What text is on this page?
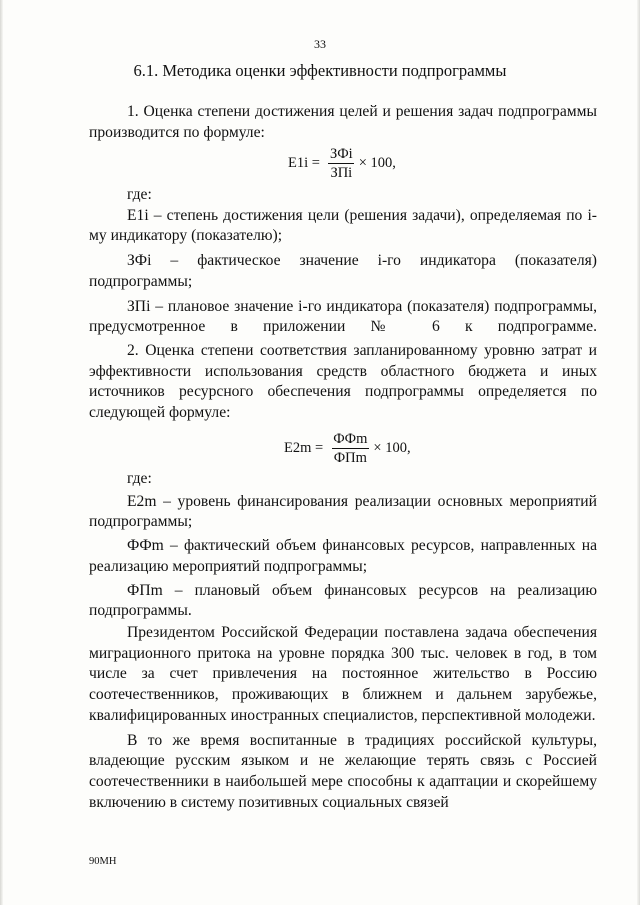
33
6.1. Методика оценки эффективности подпрограммы

1. Оценка степени достижения целей и решения задач подпрограммы производится по формуле:

$E1i = \frac{\text{ЗФi}}{\text{ЗПi}} \times 100$,

где:

E1i – степень достижения цели (решения задачи), определяемая по i-му индикатору (показателю);

ЗФi – фактическое значение i-го индикатора (показателя) подпрограммы;

ЗПi – плановое значение i-го индикатора (показателя) подпрограммы, предусмотренное в приложении № 6 к подпрограмме.

2. Оценка степени соответствия запланированному уровню затрат и эффективности использования средств областного бюджета и иных источников ресурсного обеспечения подпрограммы определяется по следующей формуле:

$E2m = \frac{\text{ФФm}}{\text{ФПm}} \times 100$,

где:

E2m – уровень финансирования реализации основных мероприятий подпрограммы;

ФФm – фактический объем финансовых ресурсов, направленных на реализацию мероприятий подпрограммы;

ФПm – плановый объем финансовых ресурсов на реализацию подпрограммы.

Президентом Российской Федерации поставлена задача обеспечения миграционного притока на уровне порядка 300 тыс. человек в год, в том числе за счет привлечения на постоянное жительство в Россию соотечественников, проживающих в ближнем и дальнем зарубежье, квалифицированных иностранных специалистов, перспективной молодежи.

В то же время воспитанные в традициях российской культуры, владеющие русским языком и не желающие терять связь с Россией соотечественники в наибольшей мере способны к адаптации и скорейшему включению в систему позитивных социальных связей

90МН
